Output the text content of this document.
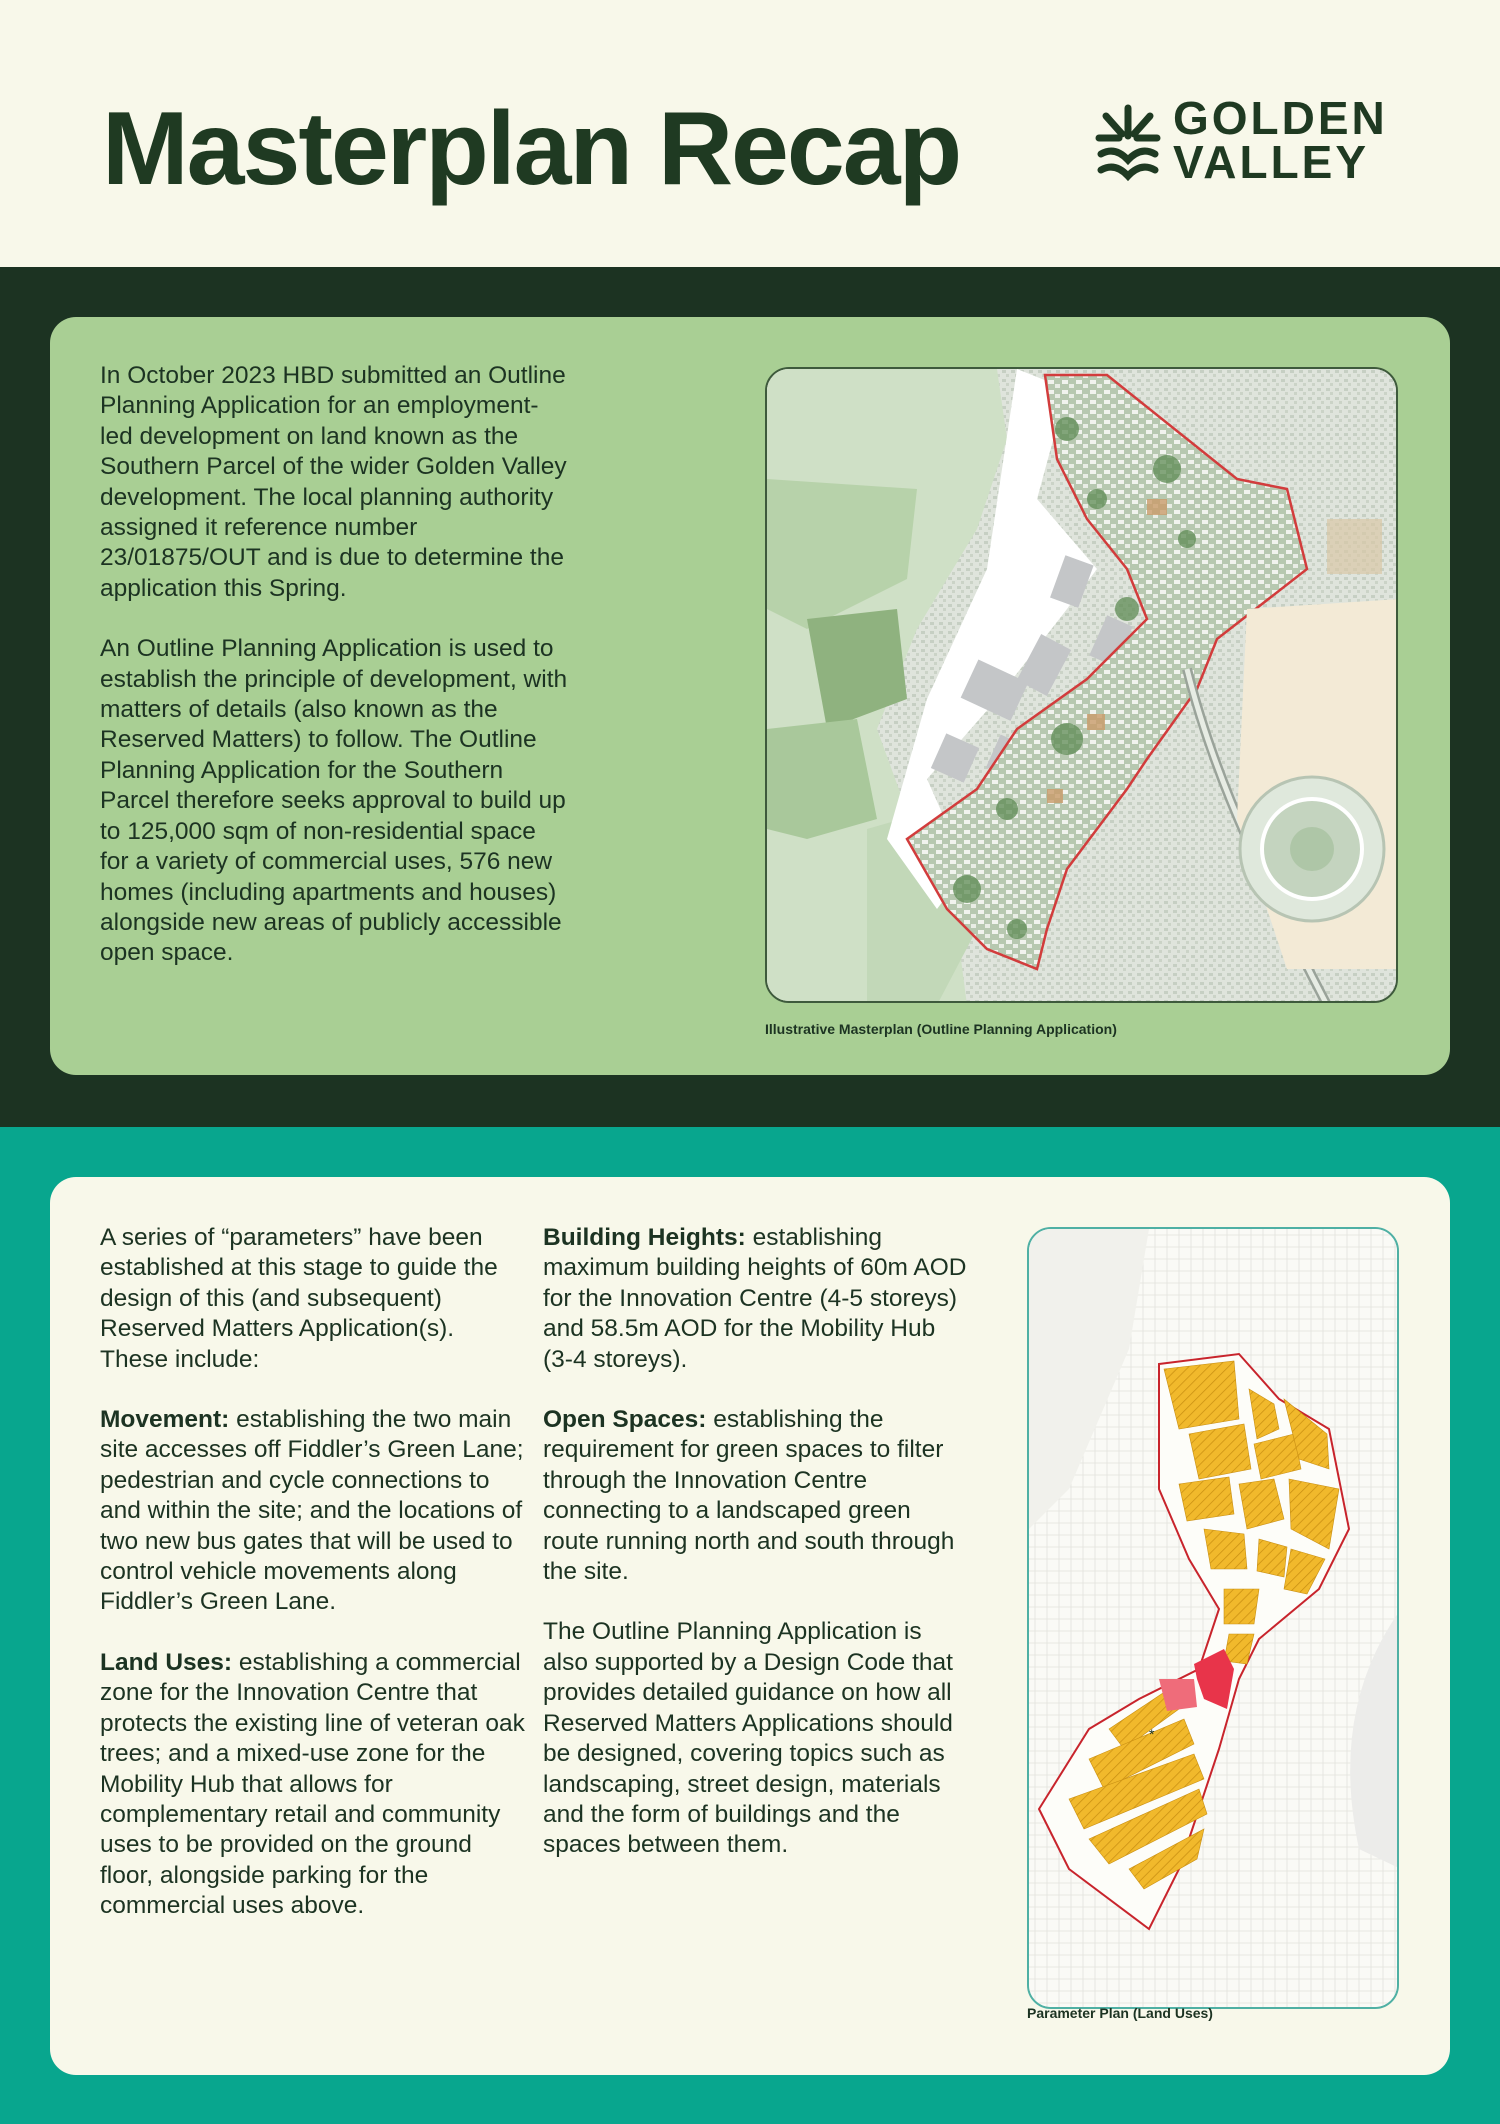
Masterplan Recap	GOLDEN
VALLEY

In October 2023 HBD submitted an Outline Planning Application for an employment-led development on land known as the Southern Parcel of the wider Golden Valley development. The local planning authority assigned it reference number 23/01875/OUT and is due to determine the application this Spring.

An Outline Planning Application is used to establish the principle of development, with matters of details (also known as the Reserved Matters) to follow. The Outline Planning Application for the Southern Parcel therefore seeks approval to build up to 125,000 sqm of non-residential space for a variety of commercial uses, 576 new homes (including apartments and houses) alongside new areas of publicly accessible open space.

Illustrative Masterplan (Outline Planning Application)

A series of “parameters” have been established at this stage to guide the design of this (and subsequent) Reserved Matters Application(s). These include:

Movement: establishing the two main site accesses off Fiddler’s Green Lane; pedestrian and cycle connections to and within the site; and the locations of two new bus gates that will be used to control vehicle movements along Fiddler’s Green Lane.

Land Uses: establishing a commercial zone for the Innovation Centre that protects the existing line of veteran oak trees; and a mixed-use zone for the Mobility Hub that allows for complementary retail and community uses to be provided on the ground floor, alongside parking for the commercial uses above.

Building Heights: establishing maximum building heights of 60m AOD for the Innovation Centre (4-5 storeys) and 58.5m AOD for the Mobility Hub (3-4 storeys).

Open Spaces: establishing the requirement for green spaces to filter through the Innovation Centre connecting to a landscaped green route running north and south through the site.

The Outline Planning Application is also supported by a Design Code that provides detailed guidance on how all Reserved Matters Applications should be designed, covering topics such as landscaping, street design, materials and the form of buildings and the spaces between them.

*
Parameter Plan (Land Uses)
